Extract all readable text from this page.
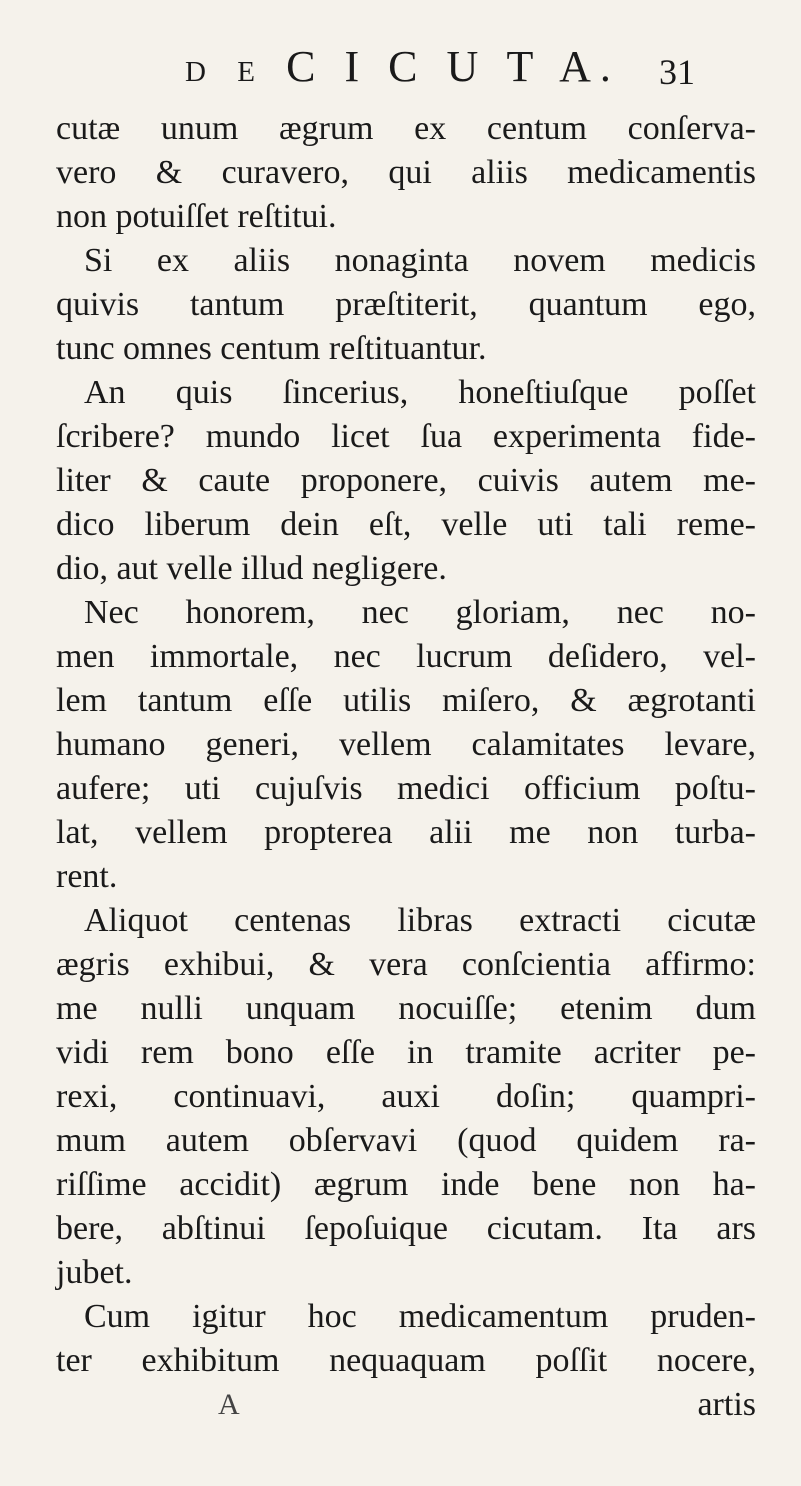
D E C I C U T A. 31
cutæ unum ægrum ex centum conſerva-
vero & curavero, qui aliis medicamentis
non potuiſſet reſtitui.
Si ex aliis nonaginta novem medicis
quivis tantum præſtiterit, quantum ego,
tunc omnes centum reſtituantur.
An quis ſincerius, honeſtiuſque poſſet
ſcribere? mundo licet ſua experimenta fide-
liter & caute proponere, cuivis autem me-
dico liberum dein eſt, velle uti tali reme-
dio, aut velle illud negligere.
Nec honorem, nec gloriam, nec no-
men immortale, nec lucrum deſidero, vel-
lem tantum eſſe utilis miſero, & ægrotanti
humano generi, vellem calamitates levare,
aufere; uti cujuſvis medici officium poſtu-
lat, vellem propterea alii me non turba-
rent.
Aliquot centenas libras extracti cicutæ
ægris exhibui, & vera conſcientia affirmo:
me nulli unquam nocuiſſe; etenim dum
vidi rem bono eſſe in tramite acriter pe-
rexi, continuavi, auxi doſin; quampri-
mum autem obſervavi (quod quidem ra-
riſſime accidit) ægrum inde bene non ha-
bere, abſtinui ſepoſuique cicutam. Ita ars
jubet.
Cum igitur hoc medicamentum pruden-
ter exhibitum nequaquam poſſit nocere,
artis
A
